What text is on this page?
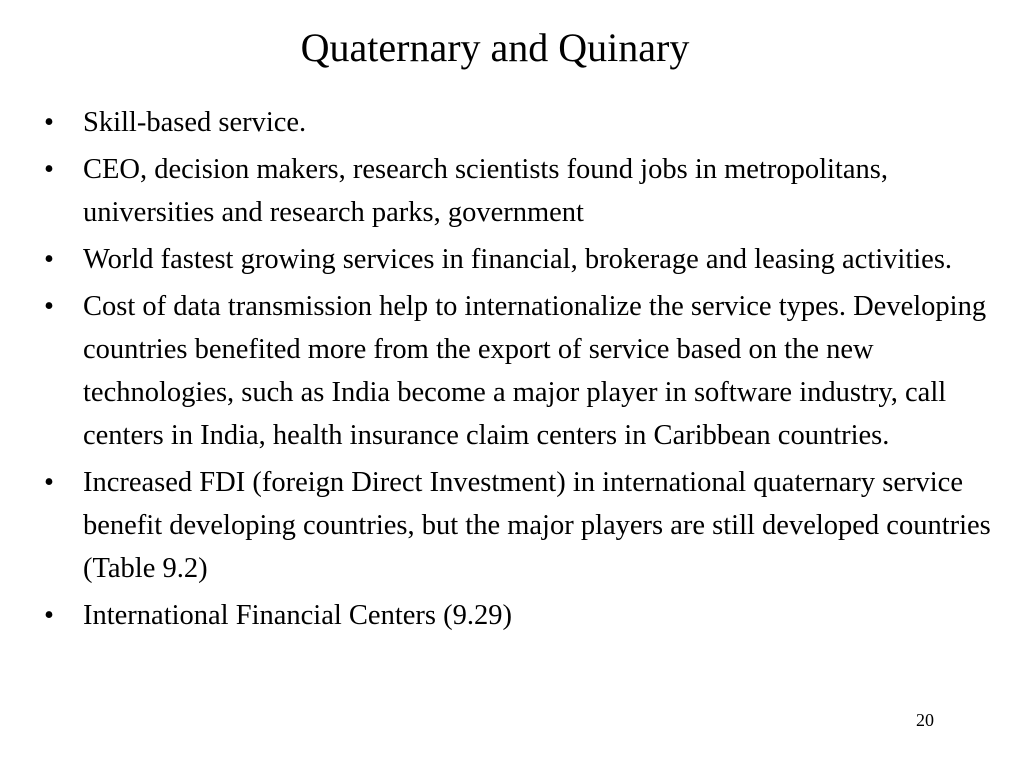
Quaternary and Quinary
•	Skill-based service.
•	CEO, decision makers, research scientists found jobs in metropolitans, universities and research parks, government
•	World fastest growing services in financial, brokerage and leasing activities.
•	Cost of data transmission help to internationalize the service types. Developing countries benefited more from the export of service based on the new technologies, such as India become a major player in software industry, call centers in India, health insurance claim centers in Caribbean countries.
•	Increased FDI (foreign Direct Investment) in international quaternary service benefit developing countries, but the major players are still developed countries (Table 9.2)
•	International Financial Centers (9.29)
20
